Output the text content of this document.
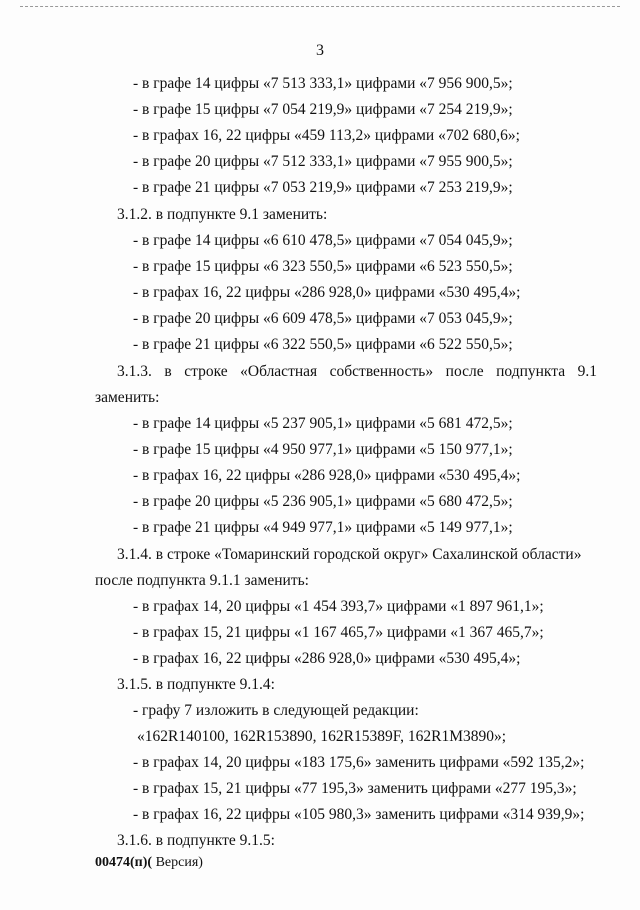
3
- в графе 14 цифры «7 513 333,1» цифрами «7 956 900,5»;
- в графе 15 цифры «7 054 219,9» цифрами «7 254 219,9»;
- в графах 16, 22 цифры «459 113,2» цифрами «702 680,6»;
- в графе 20 цифры «7 512 333,1» цифрами «7 955 900,5»;
- в графе 21 цифры «7 053 219,9» цифрами «7 253 219,9»;
3.1.2. в подпункте 9.1 заменить:
- в графе 14 цифры «6 610 478,5» цифрами «7 054 045,9»;
- в графе 15 цифры «6 323 550,5» цифрами «6 523 550,5»;
- в графах 16, 22 цифры «286 928,0» цифрами «530 495,4»;
- в графе 20 цифры «6 609 478,5» цифрами «7 053 045,9»;
- в графе 21 цифры «6 322 550,5» цифрами «6 522 550,5»;
3.1.3. в строке «Областная собственность» после подпункта 9.1
заменить:
- в графе 14 цифры «5 237 905,1» цифрами «5 681 472,5»;
- в графе 15 цифры «4 950 977,1» цифрами «5 150 977,1»;
- в графах 16, 22 цифры «286 928,0» цифрами «530 495,4»;
- в графе 20 цифры «5 236 905,1» цифрами «5 680 472,5»;
- в графе 21 цифры «4 949 977,1» цифрами «5 149 977,1»;
3.1.4. в строке «Томаринский городской округ» Сахалинской области»
после подпункта 9.1.1 заменить:
- в графах 14, 20 цифры «1 454 393,7» цифрами «1 897 961,1»;
- в графах 15, 21 цифры «1 167 465,7» цифрами «1 367 465,7»;
- в графах 16, 22 цифры «286 928,0» цифрами «530 495,4»;
3.1.5. в подпункте 9.1.4:
- графу 7 изложить в следующей редакции:
«162R140100, 162R153890, 162R15389F, 162R1M3890»;
- в графах 14, 20 цифры «183 175,6» заменить цифрами «592 135,2»;
- в графах 15, 21 цифры «77 195,3» заменить цифрами «277 195,3»;
- в графах 16, 22 цифры «105 980,3» заменить цифрами «314 939,9»;
3.1.6. в подпункте 9.1.5:
00474(п)( Версия)
